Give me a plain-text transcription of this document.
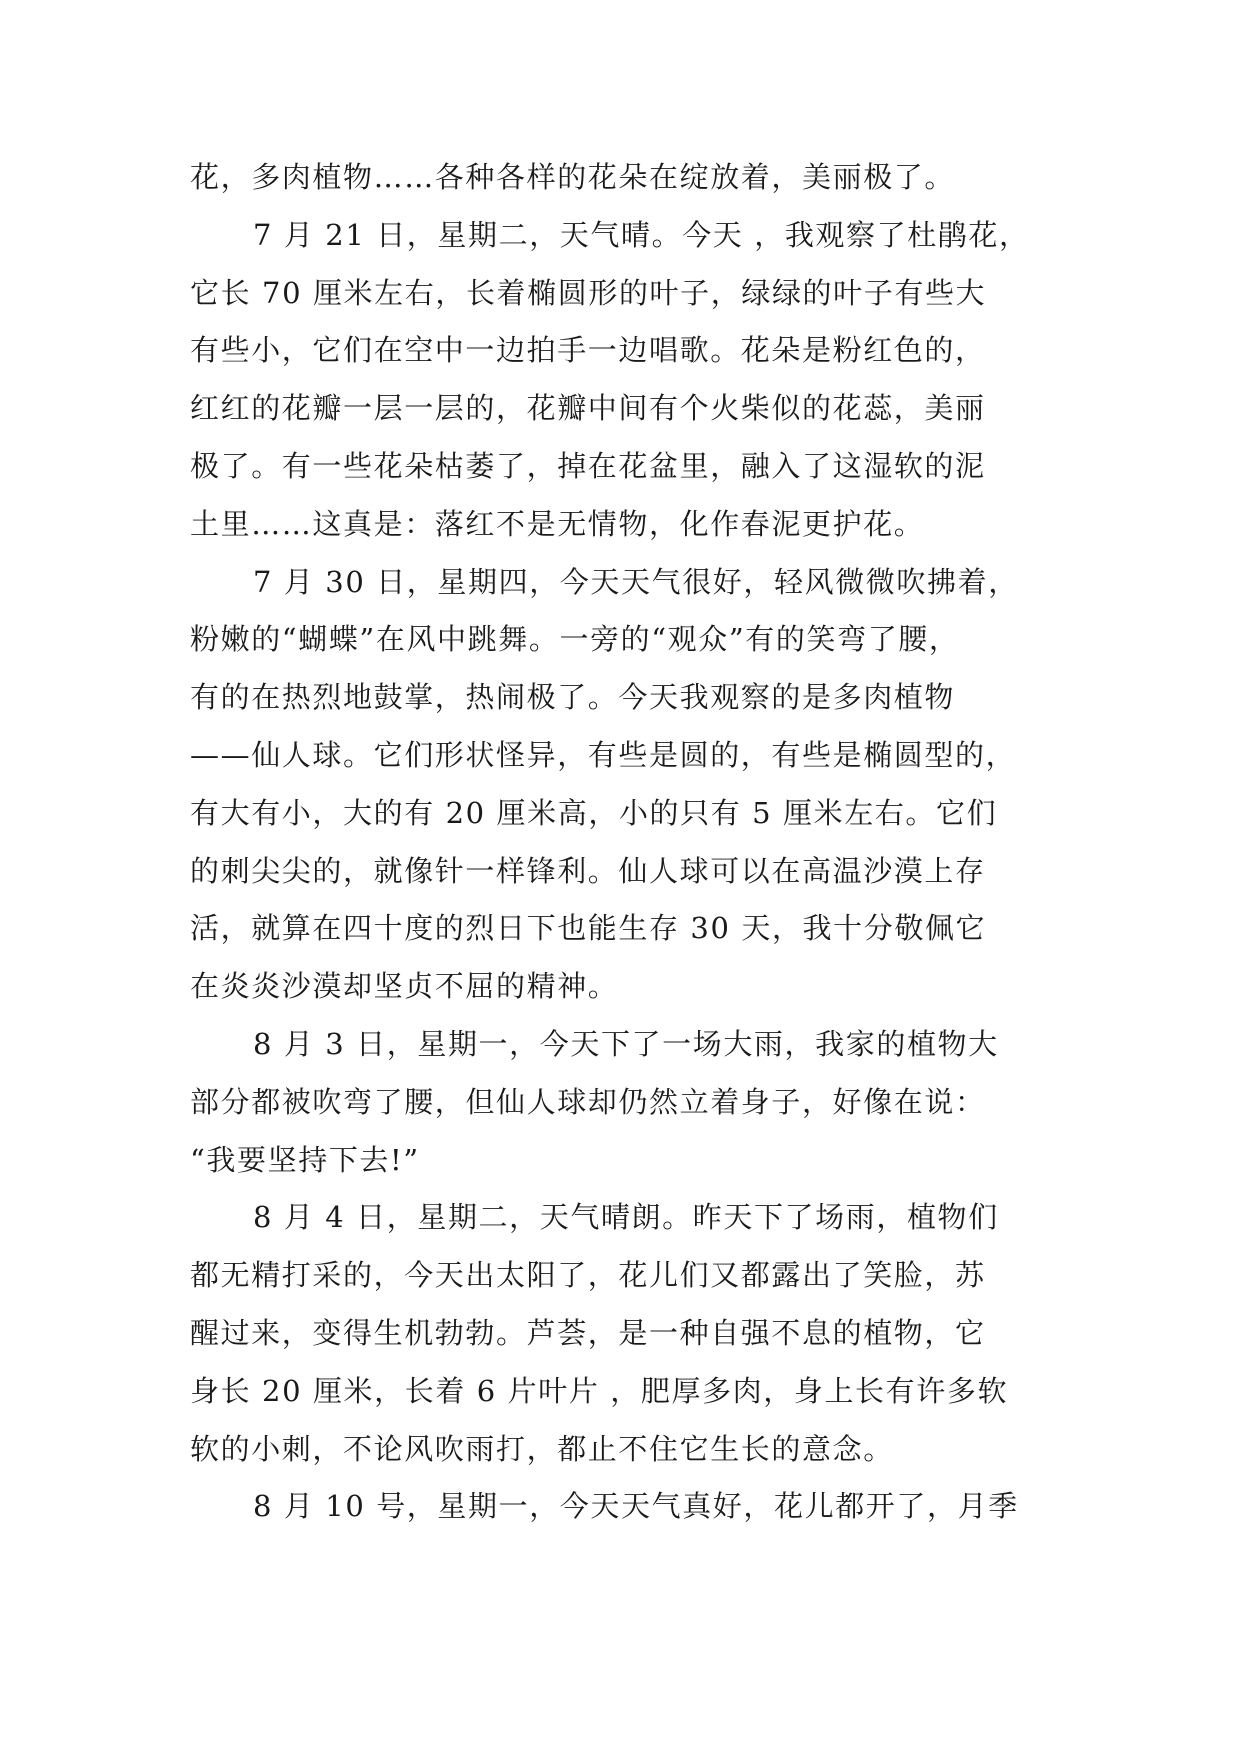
花，多肉植物……各种各样的花朵在绽放着，美丽极了。
7 月 21 日，星期二，天气晴。今天 ，我观察了杜鹃花，
它长 70 厘米左右，长着椭圆形的叶子，绿绿的叶子有些大
有些小，它们在空中一边拍手一边唱歌。花朵是粉红色的，
红红的花瓣一层一层的，花瓣中间有个火柴似的花蕊，美丽
极了。有一些花朵枯萎了，掉在花盆里，融入了这湿软的泥
土里……这真是：落红不是无情物，化作春泥更护花。
7 月 30 日，星期四，今天天气很好，轻风微微吹拂着，
粉嫩的“蝴蝶”在风中跳舞。一旁的“观众”有的笑弯了腰，
有的在热烈地鼓掌，热闹极了。今天我观察的是多肉植物
——仙人球。它们形状怪异，有些是圆的，有些是椭圆型的，
有大有小，大的有 20 厘米高，小的只有 5 厘米左右。它们
的刺尖尖的，就像针一样锋利。仙人球可以在高温沙漠上存
活，就算在四十度的烈日下也能生存 30 天，我十分敬佩它
在炎炎沙漠却坚贞不屈的精神。
8 月 3 日，星期一，今天下了一场大雨，我家的植物大
部分都被吹弯了腰，但仙人球却仍然立着身子，好像在说：
“我要坚持下去!”
8 月 4 日，星期二，天气晴朗。昨天下了场雨，植物们
都无精打采的，今天出太阳了，花儿们又都露出了笑脸，苏
醒过来，变得生机勃勃。芦荟，是一种自强不息的植物，它
身长 20 厘米，长着 6 片叶片 ，肥厚多肉，身上长有许多软
软的小刺，不论风吹雨打，都止不住它生长的意念。
8 月 10 号，星期一，今天天气真好，花儿都开了，月季
